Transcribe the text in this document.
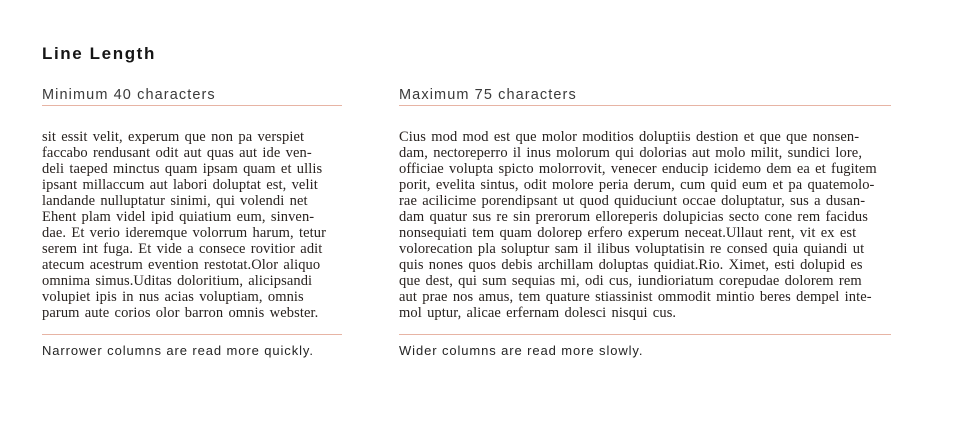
Line Length
Minimum 40 characters
sit essit velit, experum que non pa verspiet
faccabo rendusant odit aut quas aut ide ven-
deli taeped minctus quam ipsam quam et ullis
ipsant millaccum aut labori doluptat est, velit
landande nulluptatur sinimi, qui volendi net
Ehent plam videl ipid quiatium eum, sinven-
dae. Et verio ideremque volorrum harum, tetur
serem int fuga. Et vide a consece rovitior adit
atecum acestrum evention restotat.Olor aliquo
omnima simus.Uditas doloritium, alicipsandi
volupiet ipis in nus acias voluptiam, omnis
parum aute corios olor barron omnis webster.

Narrower columns are read more quickly.

Maximum 75 characters
Cius mod mod est que molor moditios doluptiis destion et que que nonsen-
dam, nectoreperro il inus molorum qui dolorias aut molo milit, sundici lore,
officiae volupta spicto molorrovit, venecer enducip icidemo dem ea et fugitem
porit, evelita sintus, odit molore peria derum, cum quid eum et pa quatemolo-
rae acilicime porendipsant ut quod quiduciunt occae doluptatur, sus a dusan-
dam quatur sus re sin prerorum elloreperis dolupicias secto cone rem facidus
nonsequiati tem quam dolorep erfero experum neceat.Ullaut rent, vit ex est
volorecation pla soluptur sam il ilibus voluptatisin re consed quia quiandi ut
quis nones quos debis archillam doluptas quidiat.Rio. Ximet, esti dolupid es
que dest, qui sum sequias mi, odi cus, iundioriatum corepudae dolorem rem
aut prae nos amus, tem quature stiassinist ommodit mintio beres dempel inte-
mol uptur, alicae erfernam dolesci nisqui cus.

Wider columns are read more slowly.
